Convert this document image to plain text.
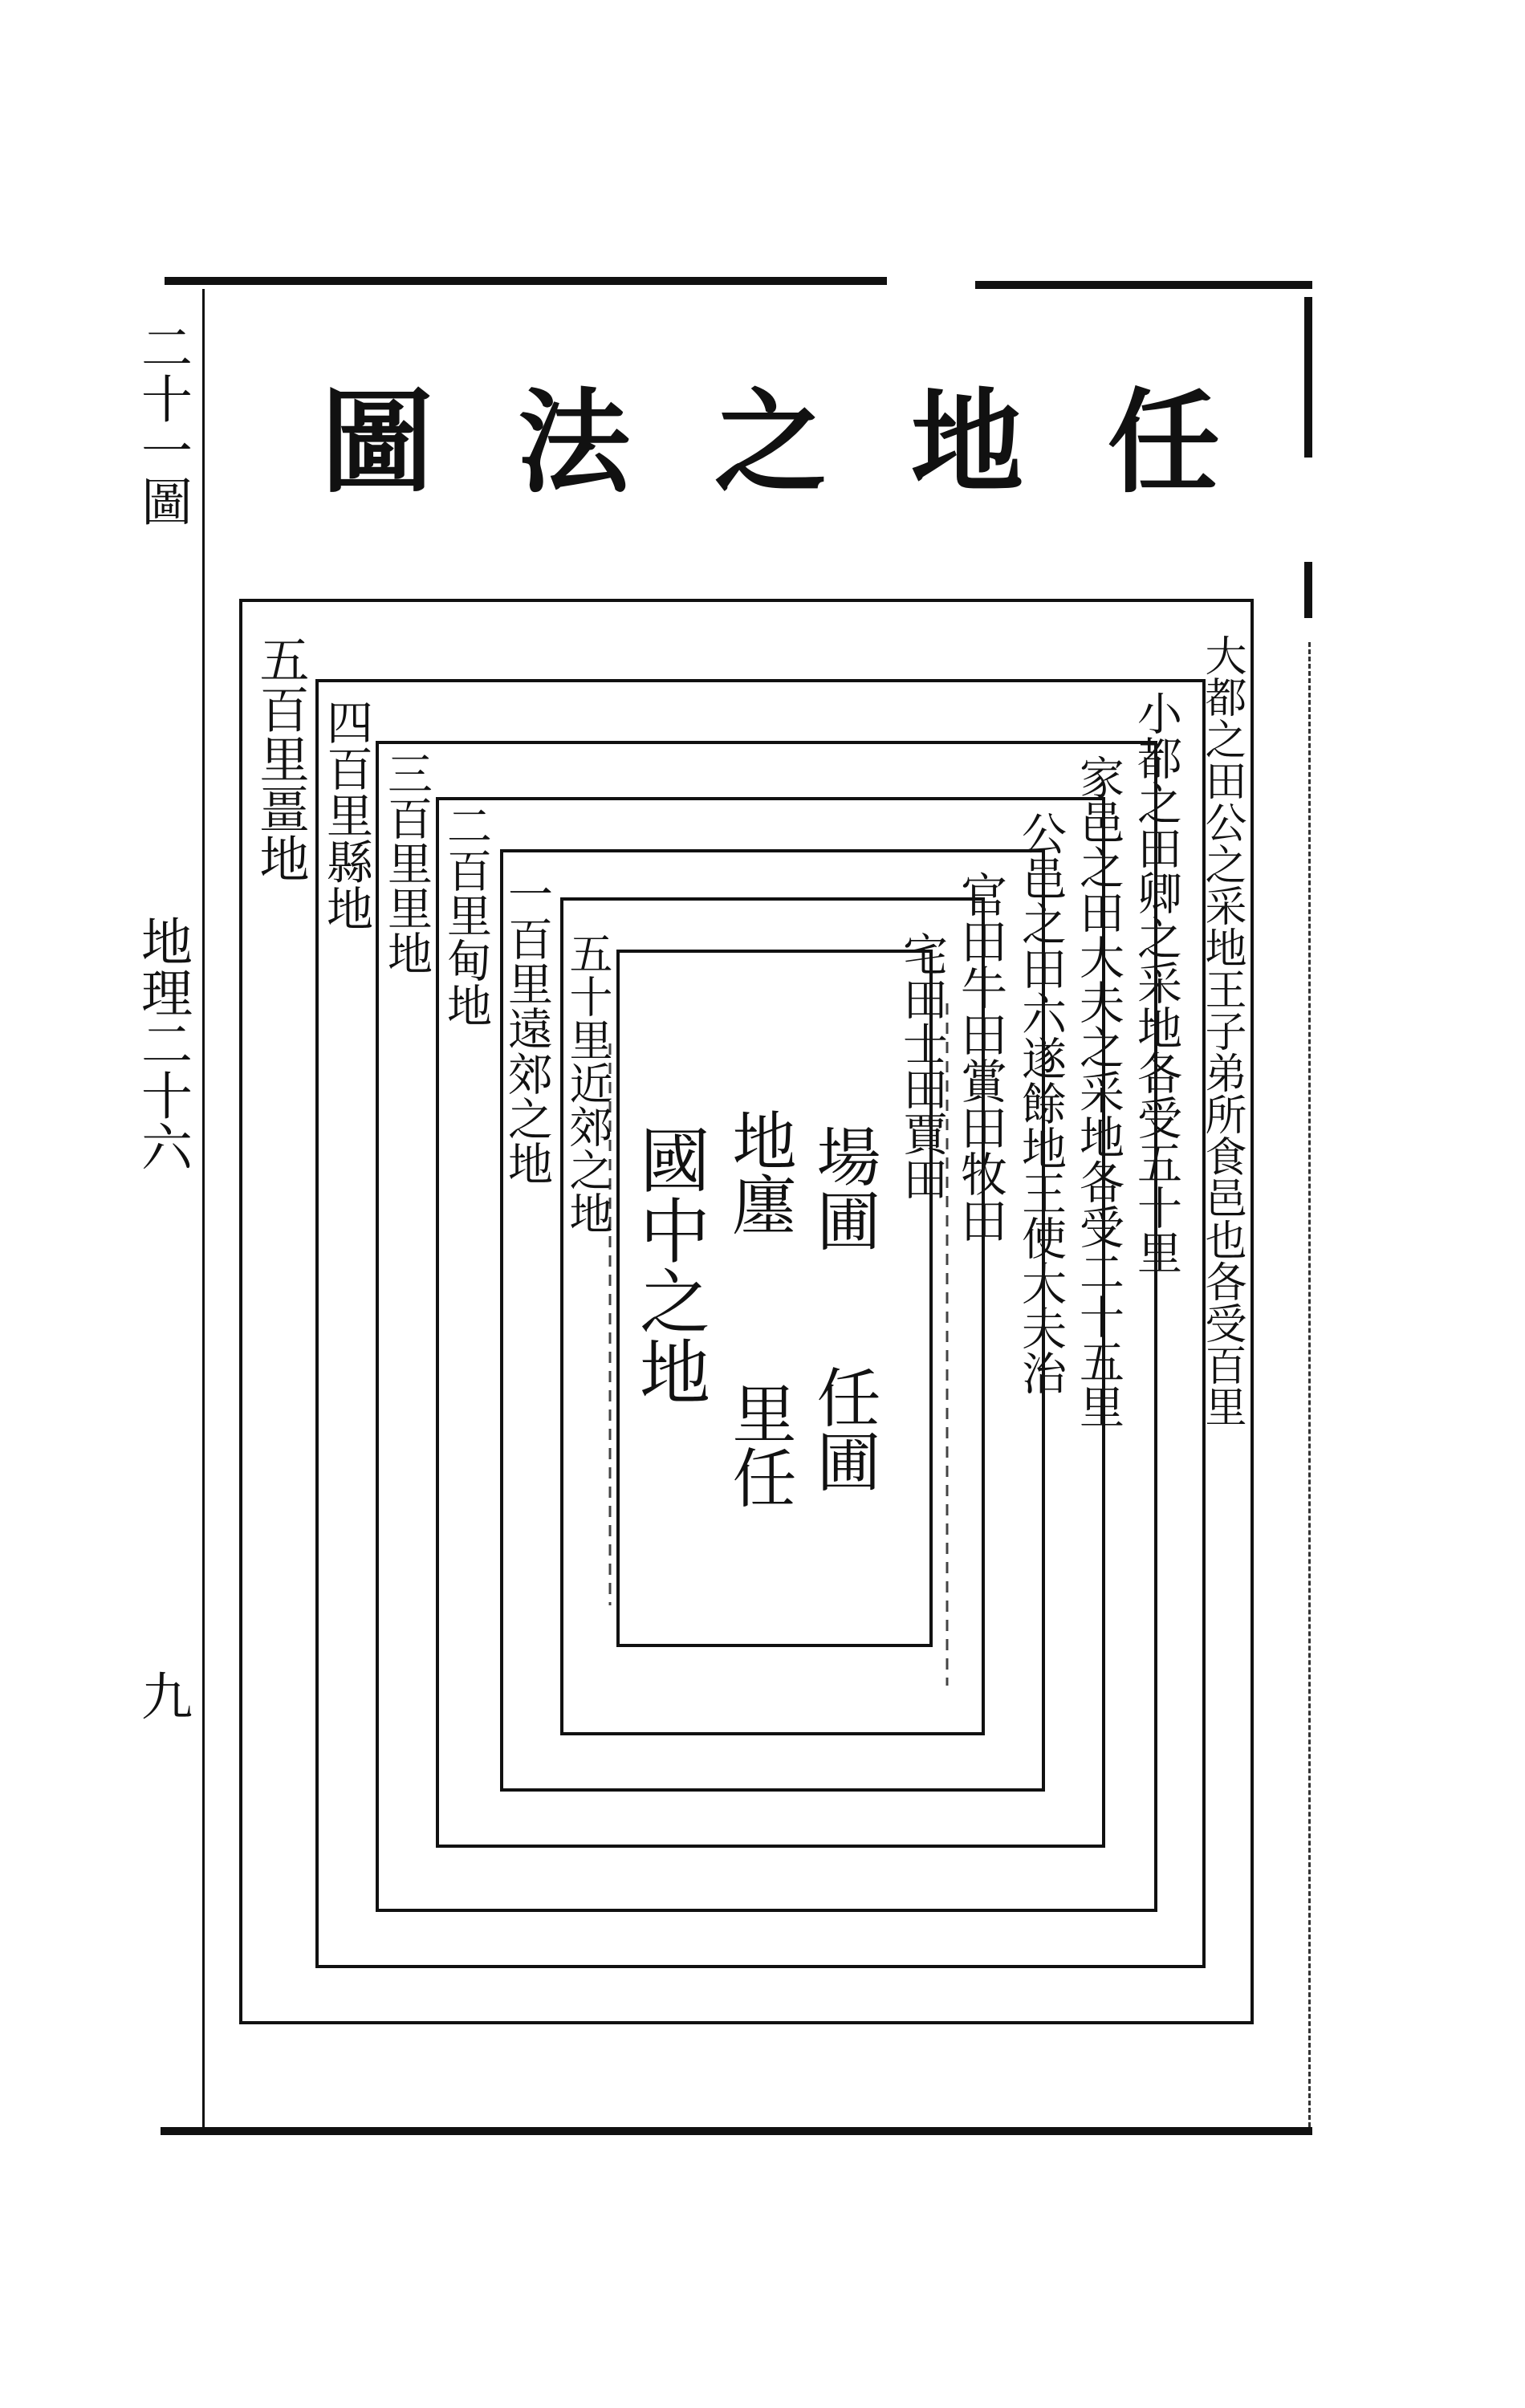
二十一圖
地理二十六
九
任
地
之
法
圖
五百里畺地 四百里縣地 三百里里地 二百里甸地 一百里遠郊之地 五十里近郊之地
國中之地 地廛
里任
場圃
任圃
宅田士田賈田 官田牛田賞田牧田 公邑之田六遂餘地王使大夫治 家邑之田大夫之采地各受二十五里 小都之田卿之采地各受五十里 大都之田公之采地王子弟所食邑也各受百里
